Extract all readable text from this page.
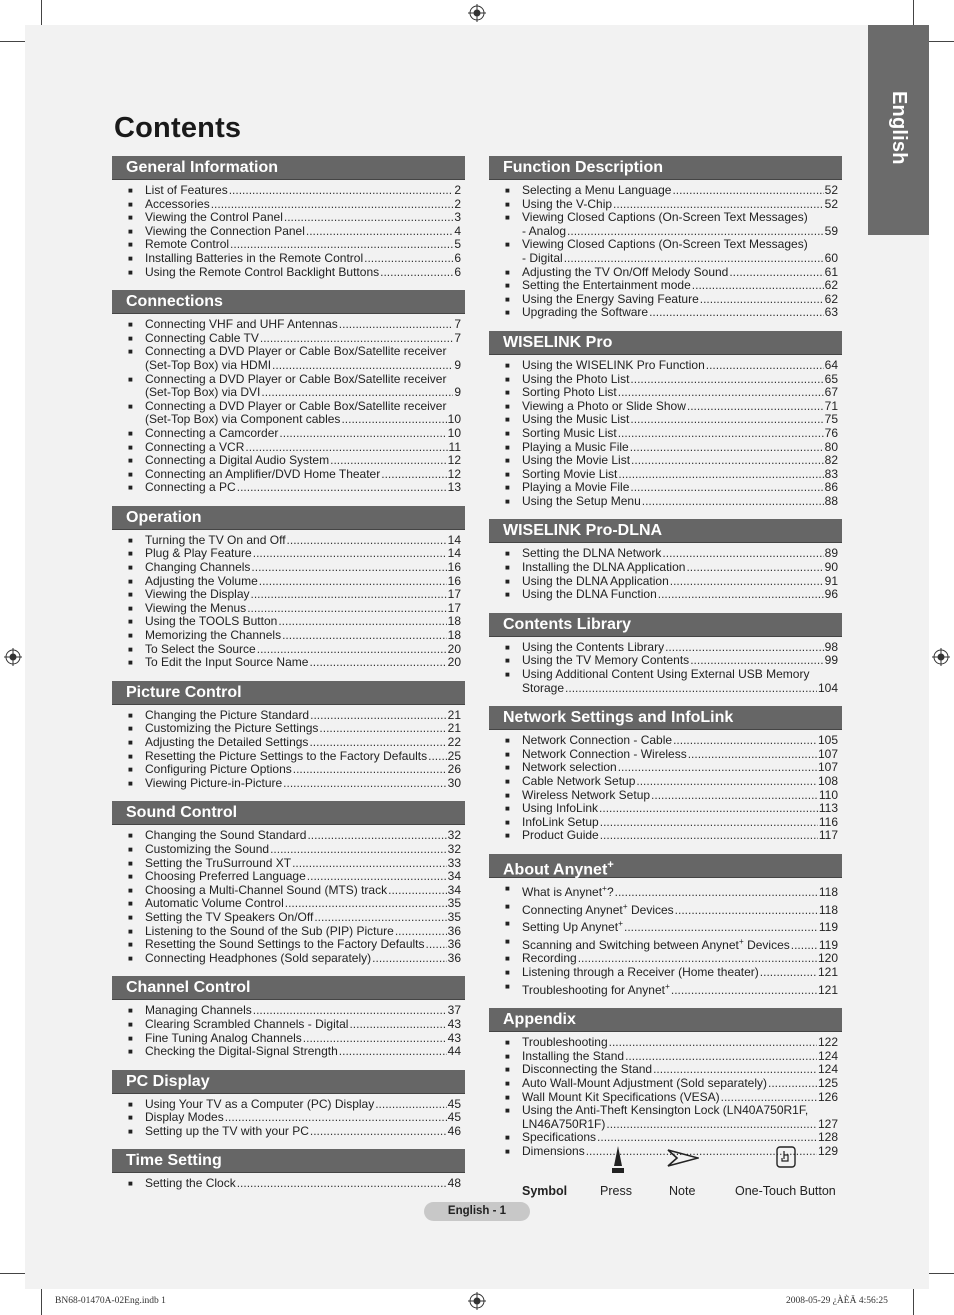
English
Contents
General Information
■ List of Features .....	2
■ Accessories .....	2
■ Viewing the Control Panel .....	3
■ Viewing the Connection Panel .....	4
■ Remote Control .....	5
■ Installing Batteries in the Remote Control .....	6
■ Using the Remote Control Backlight Buttons .....	6
Connections
■ Connecting VHF and UHF Antennas .....	7
■ Connecting Cable TV .....	7
■ Connecting a DVD Player or Cable Box/Satellite receiver
(Set-Top Box) via HDMI .....	9
■ Connecting a DVD Player or Cable Box/Satellite receiver
(Set-Top Box) via DVI .....	9
■ Connecting a DVD Player or Cable Box/Satellite receiver
(Set-Top Box) via Component cables .....	10
■ Connecting a Camcorder .....	10
■ Connecting a VCR .....	11
■ Connecting a Digital Audio System .....	12
■ Connecting an Amplifier/DVD Home Theater .....	12
■ Connecting a PC .....	13
Operation
■ Turning the TV On and Off .....	14
■ Plug & Play Feature .....	14
■ Changing Channels .....	16
■ Adjusting the Volume .....	16
■ Viewing the Display .....	17
■ Viewing the Menus .....	17
■ Using the TOOLS Button .....	18
■ Memorizing the Channels .....	18
■ To Select the Source .....	20
■ To Edit the Input Source Name .....	20
Picture Control
■ Changing the Picture Standard .....	21
■ Customizing the Picture Settings .....	21
■ Adjusting the Detailed Settings .....	22
■ Resetting the Picture Settings to the Factory Defaults ..... 25
■ Configuring Picture Options .....	26
■ Viewing Picture-in-Picture .....	30
Sound Control
■ Changing the Sound Standard .....	32
■ Customizing the Sound .....	32
■ Setting the TruSurround XT .....	33
■ Choosing Preferred Language .....	34
■ Choosing a Multi-Channel Sound (MTS) track .....	34
■ Automatic Volume Control .....	35
■ Setting the TV Speakers On/Off .....	35
■ Listening to the Sound of the Sub (PIP) Picture .....	36
■ Resetting the Sound Settings to the Factory Defaults ..... 36
■ Connecting Headphones (Sold separately) .....	36
Channel Control
■ Managing Channels .....	37
■ Clearing Scrambled Channels - Digital .....	43
■ Fine Tuning Analog Channels .....	43
■ Checking the Digital-Signal Strength .....	44
PC Display
■ Using Your TV as a Computer (PC) Display .....	45
■ Display Modes .....	45
■ Setting up the TV with your PC .....	46
Time Setting
■ Setting the Clock .....	48
Function Description
■ Selecting a Menu Language .....	52
■ Using the V-Chip .....	52
■ Viewing Closed Captions (On-Screen Text Messages)
- Analog .....	59
■ Viewing Closed Captions (On-Screen Text Messages)
- Digital .....	60
■ Adjusting the TV On/Off Melody Sound .....	61
■ Setting the Entertainment mode .....	62
■ Using the Energy Saving Feature .....	62
■ Upgrading the Software .....	63
WISELINK Pro
■ Using the WISELINK Pro Function .....	64
■ Using the Photo List .....	65
■ Sorting Photo List .....	67
■ Viewing a Photo or Slide Show .....	71
■ Using the Music List .....	75
■ Sorting Music List .....	76
■ Playing a Music File .....	80
■ Using the Movie List .....	82
■ Sorting Movie List .....	83
■ Playing a Movie File .....	86
■ Using the Setup Menu .....	88
WISELINK Pro-DLNA
■ Setting the DLNA Network .....	89
■ Installing the DLNA Application .....	90
■ Using the DLNA Application .....	91
■ Using the DLNA Function .....	96
Contents Library
■ Using the Contents Library .....	98
■ Using the TV Memory Contents .....	99
■ Using Additional Content Using External USB Memory
Storage .....	104
Network Settings and InfoLink
■ Network Connection - Cable .....	105
■ Network Connection - Wireless .....	107
■ Network selection .....	107
■ Cable Network Setup .....	108
■ Wireless Network Setup .....	110
■ Using InfoLink .....	113
■ InfoLink Setup .....	116
■ Product Guide .....	117
About Anynet+
■ What is Anynet+? .....	118
■ Connecting Anynet+ Devices .....	118
■ Setting Up Anynet+ .....	119
■ Scanning and Switching between Anynet+ Devices ..... 119
■ Recording .....	120
■ Listening through a Receiver (Home theater) .....	121
■ Troubleshooting for Anynet+ .....	121
Appendix
■ Troubleshooting .....	122
■ Installing the Stand .....	124
■ Disconnecting the Stand .....	124
■ Auto Wall-Mount Adjustment (Sold separately) .....	125
■ Wall Mount Kit Specifications (VESA) .....	126
■ Using the Anti-Theft Kensington Lock (LN40A750R1F,
LN46A750R1F) .....	127
■ Specifications .....	128
■ Dimensions .....	129
Symbol	Press	Note	One-Touch Button
English - 1
BN68-01470A-02Eng.indb 1	2008-05-29 ¿ÀÈÄ 4:56:25
